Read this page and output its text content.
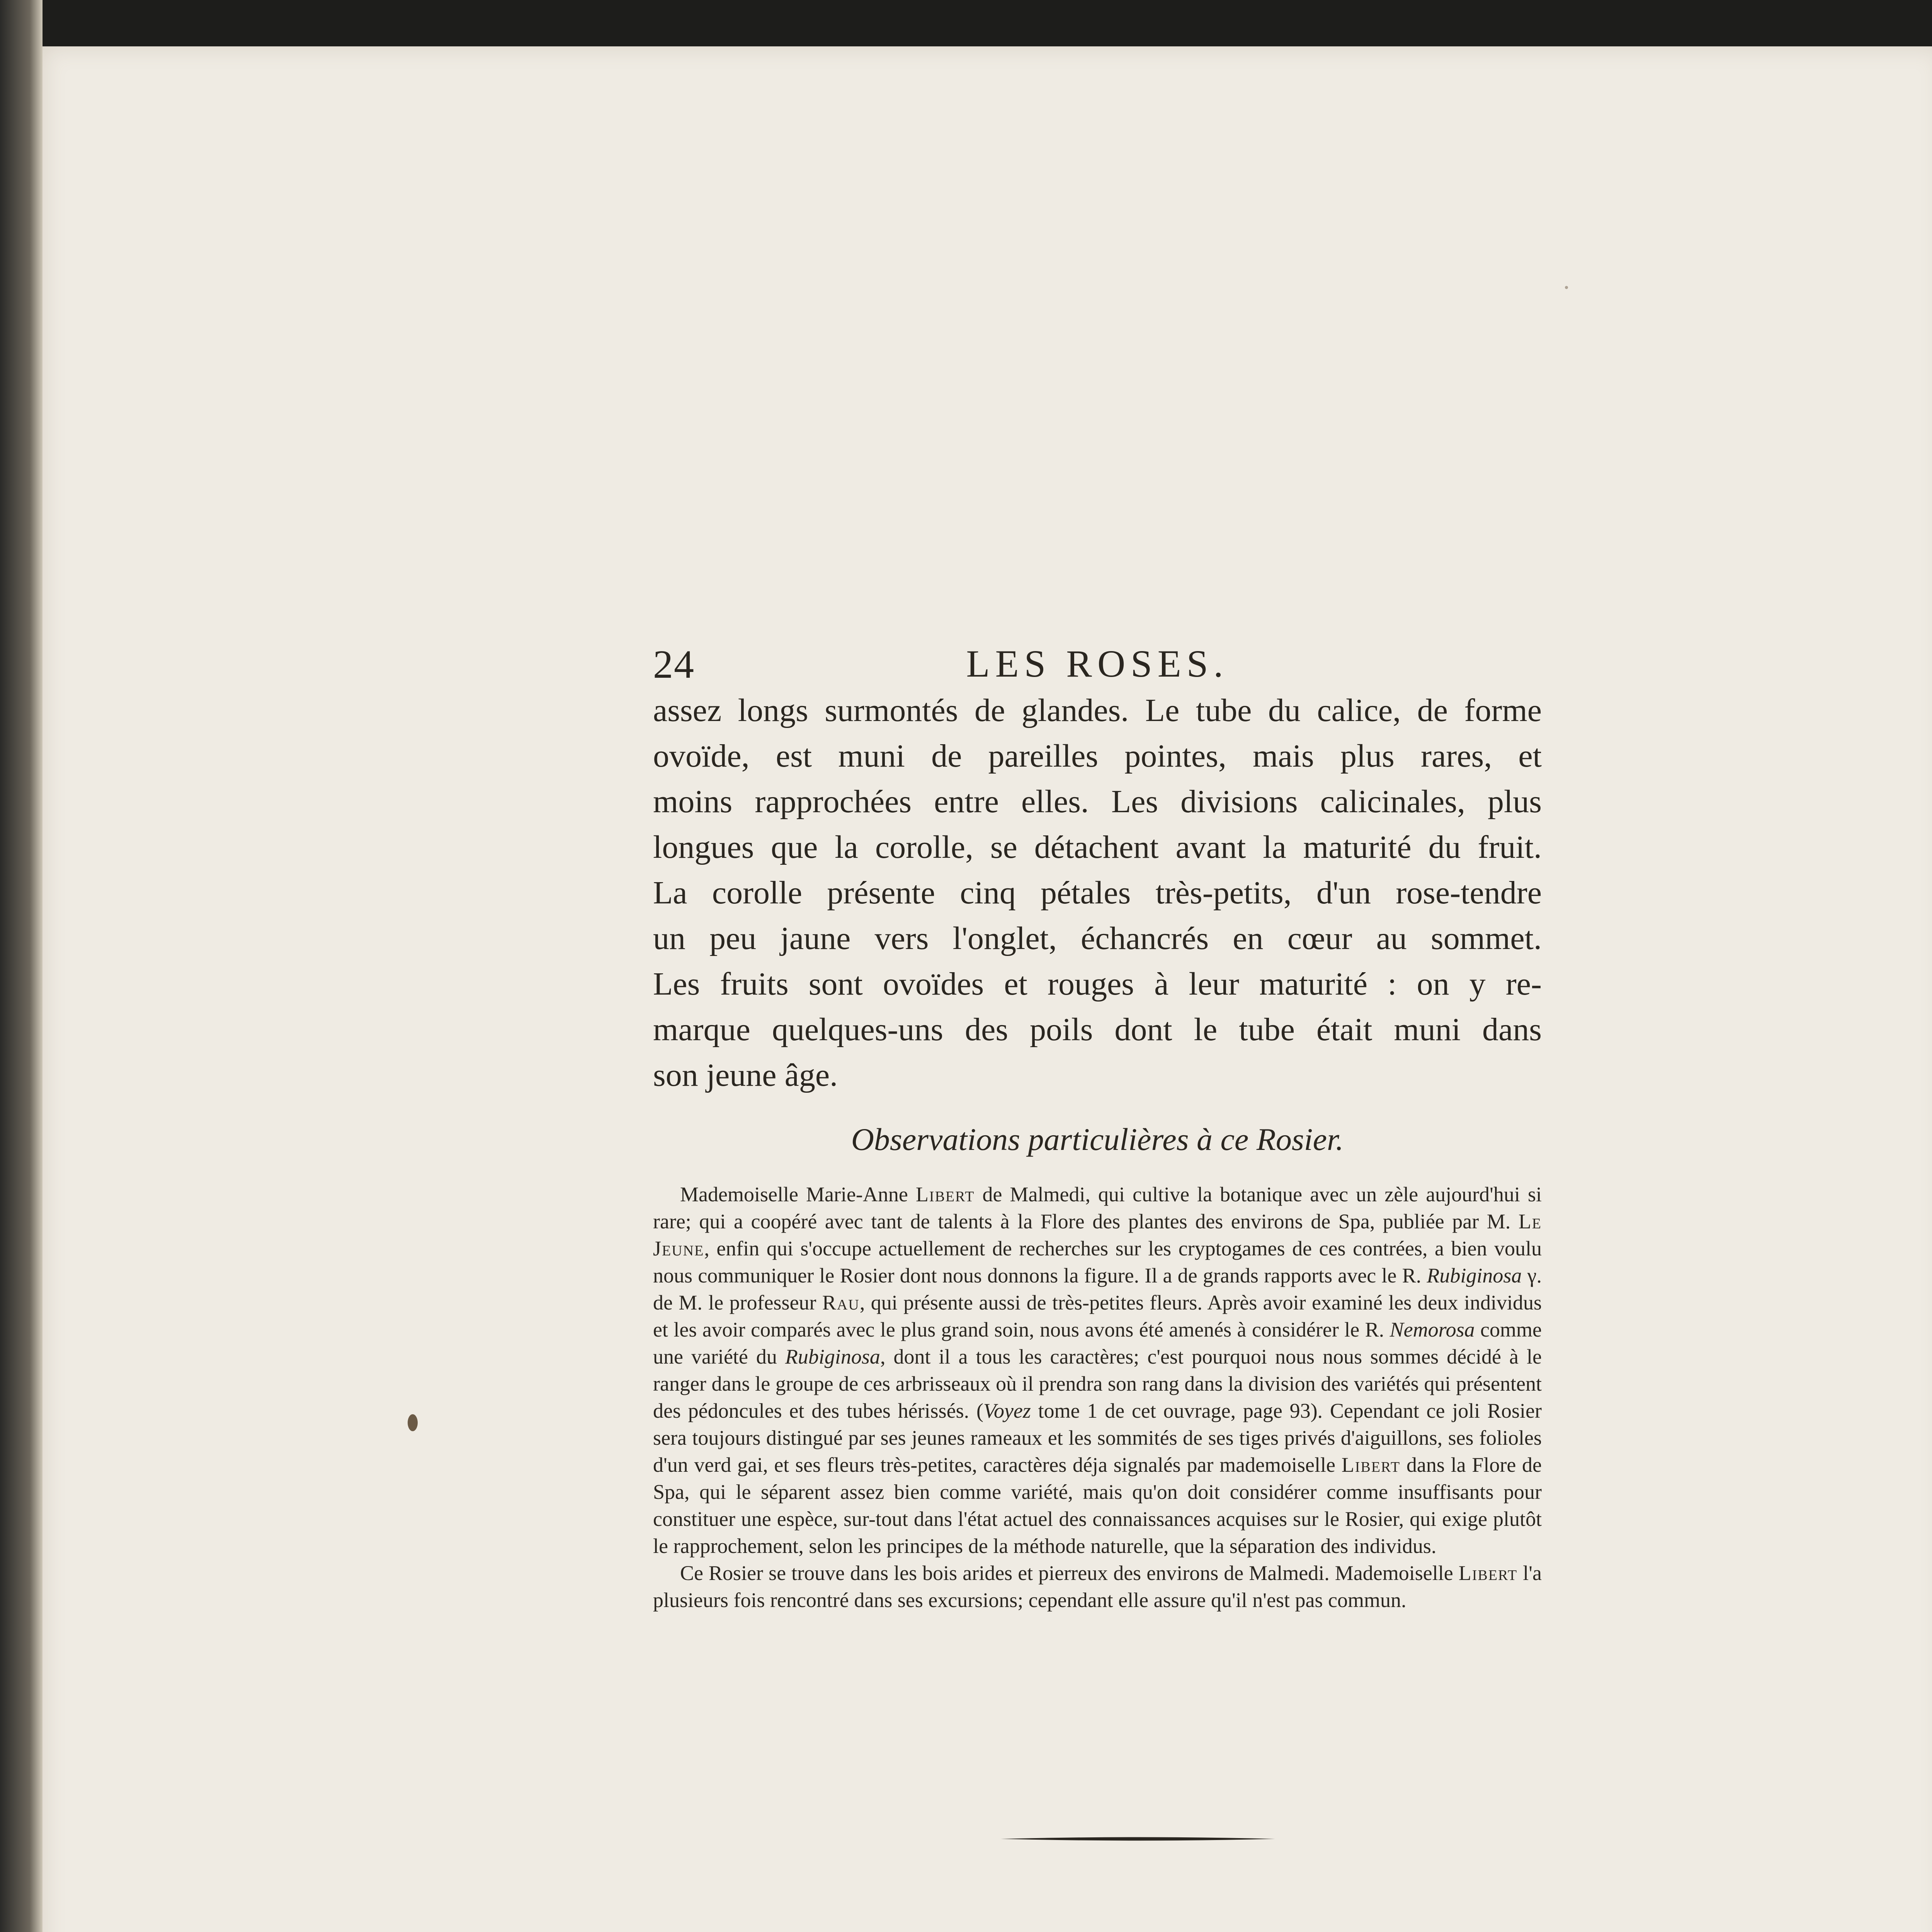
24	LES ROSES.

assez longs surmontés de glandes. Le tube du calice, de forme
ovoïde, est muni de pareilles pointes, mais plus rares, et
moins rapprochées entre elles. Les divisions calicinales, plus
longues que la corolle, se détachent avant la maturité du fruit.
La corolle présente cinq pétales très-petits, d'un rose-tendre
un peu jaune vers l'onglet, échancrés en cœur au sommet.
Les fruits sont ovoïdes et rouges à leur maturité : on y re-
marque quelques-uns des poils dont le tube était muni dans
son jeune âge.

Observations particulières à ce Rosier.

Mademoiselle Marie-Anne Libert de Malmedi, qui cultive la botanique avec un zèle aujourd'hui si rare; qui a coopéré avec tant de talents à la Flore des plantes des environs de Spa, publiée par M. Le Jeune, enfin qui s'occupe actuellement de recherches sur les cryptogames de ces contrées, a bien voulu nous communiquer le Rosier dont nous donnons la figure. Il a de grands rapports avec le R. Rubiginosa γ. de M. le professeur Rau, qui présente aussi de très-petites fleurs. Après avoir examiné les deux individus et les avoir comparés avec le plus grand soin, nous avons été amenés à considérer le R. Nemorosa comme une variété du Rubiginosa, dont il a tous les caractères; c'est pourquoi nous nous sommes décidé à le ranger dans le groupe de ces arbrisseaux où il prendra son rang dans la division des variétés qui présentent des pédoncules et des tubes hérissés. (Voyez tome 1 de cet ouvrage, page 93). Cependant ce joli Rosier sera toujours distingué par ses jeunes rameaux et les sommités de ses tiges privés d'aiguillons, ses folioles d'un verd gai, et ses fleurs très-petites, caractères déja signalés par mademoiselle Libert dans la Flore de Spa, qui le séparent assez bien comme variété, mais qu'on doit considérer comme insuffisants pour constituer une espèce, sur-tout dans l'état actuel des connaissances acquises sur le Rosier, qui exige plutôt le rapprochement, selon les principes de la méthode naturelle, que la séparation des individus.

Ce Rosier se trouve dans les bois arides et pierreux des environs de Malmedi. Mademoiselle Libert l'a plusieurs fois rencontré dans ses excursions; cependant elle assure qu'il n'est pas commun.
